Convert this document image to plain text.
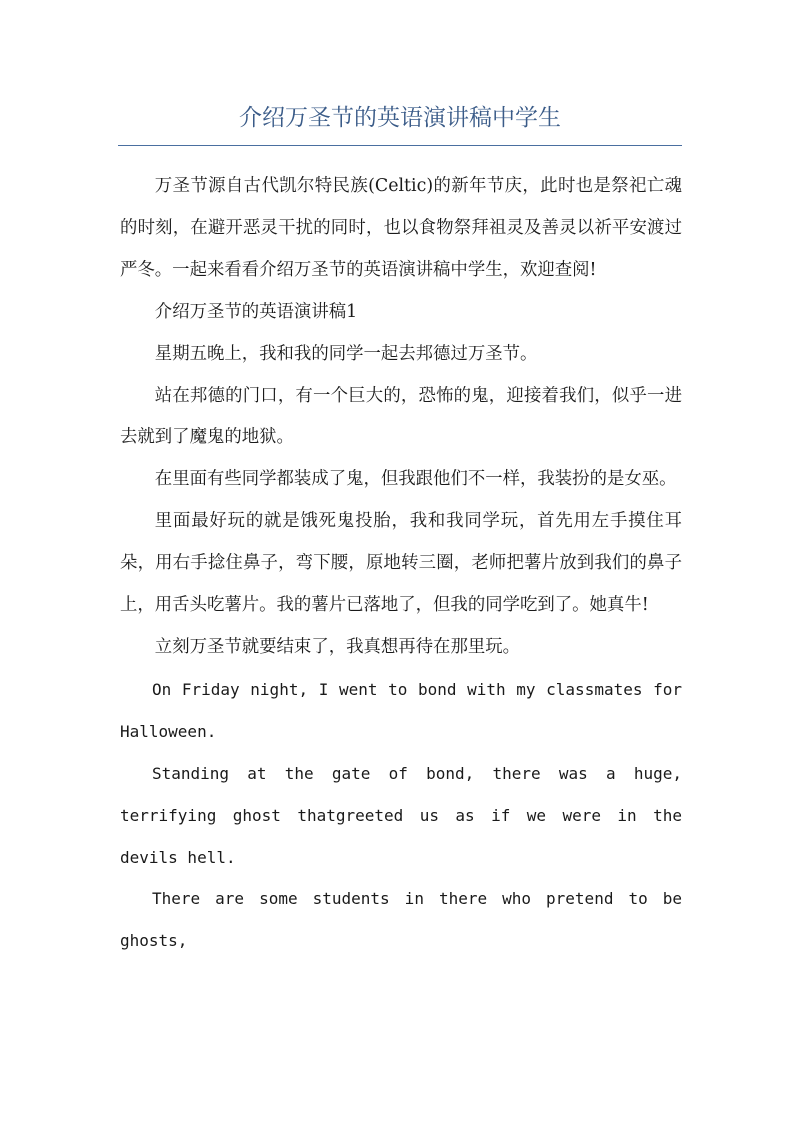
介绍万圣节的英语演讲稿中学生

万圣节源自古代凯尔特民族(Celtic)的新年节庆，此时也是祭祀亡魂的时刻，在避开恶灵干扰的同时，也以食物祭拜祖灵及善灵以祈平安渡过严冬。一起来看看介绍万圣节的英语演讲稿中学生，欢迎查阅!

介绍万圣节的英语演讲稿1

星期五晚上，我和我的同学一起去邦德过万圣节。

站在邦德的门口，有一个巨大的，恐怖的鬼，迎接着我们，似乎一进去就到了魔鬼的地狱。

在里面有些同学都装成了鬼，但我跟他们不一样，我装扮的是女巫。

里面最好玩的就是饿死鬼投胎，我和我同学玩，首先用左手摸住耳朵，用右手捻住鼻子，弯下腰，原地转三圈，老师把薯片放到我们的鼻子上，用舌头吃薯片。我的薯片已落地了，但我的同学吃到了。她真牛!

立刻万圣节就要结束了，我真想再待在那里玩。

On Friday night, I went to bond with my classmates for Halloween.

Standing at the gate of bond, there was a huge, terrifying ghost thatgreeted us as if we were in the devils hell.

There are some students in there who pretend to be ghosts,
